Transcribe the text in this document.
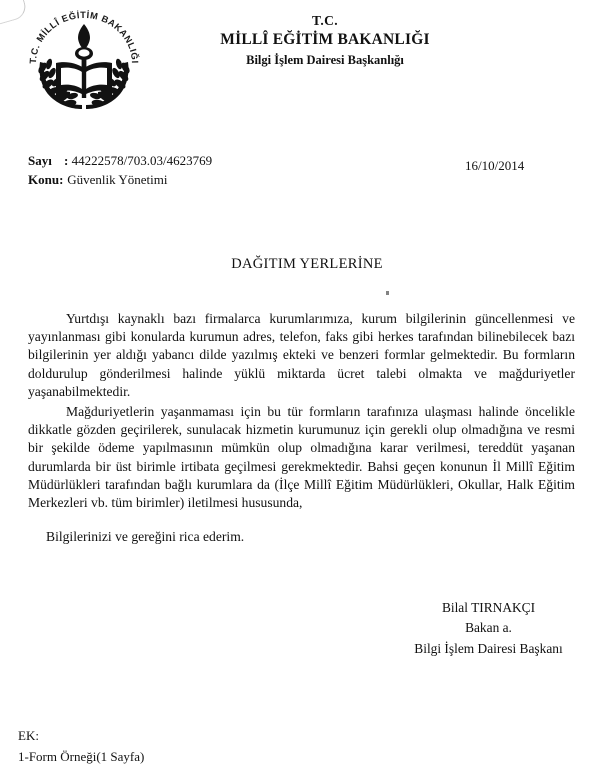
T.C. MİLLÎ EĞİTİM BAKANLIĞI
T.C.
MİLLÎ EĞİTİM BAKANLIĞI
Bilgi İşlem Dairesi Başkanlığı
Sayı : 44222578/703.03/4623769
Konu: Güvenlik Yönetimi
16/10/2014
DAĞITIM YERLERİNE

Yurtdışı kaynaklı bazı firmalarca kurumlarımıza, kurum bilgilerinin güncellenmesi ve yayınlanması gibi konularda kurumun adres, telefon, faks gibi herkes tarafından bilinebilecek bazı bilgilerinin yer aldığı yabancı dilde yazılmış ekteki ve benzeri formlar gelmektedir. Bu formların doldurulup gönderilmesi halinde yüklü miktarda ücret talebi olmakta ve mağduriyetler yaşanabilmektedir.

Mağduriyetlerin yaşanmaması için bu tür formların tarafınıza ulaşması halinde öncelikle dikkatle gözden geçirilerek, sunulacak hizmetin kurumunuz için gerekli olup olmadığına ve resmi bir şekilde ödeme yapılmasının mümkün olup olmadığına karar verilmesi, tereddüt yaşanan durumlarda bir üst birimle irtibata geçilmesi gerekmektedir. Bahsi geçen konunun İl Millî Eğitim Müdürlükleri tarafından bağlı kurumlara da (İlçe Millî Eğitim Müdürlükleri, Okullar, Halk Eğitim Merkezleri vb. tüm birimler) iletilmesi hususunda,

Bilgilerinizi ve gereğini rica ederim.

Bilal TIRNAKÇI
Bakan a.
Bilgi İşlem Dairesi Başkanı
EK:
1-Form Örneği(1 Sayfa)
